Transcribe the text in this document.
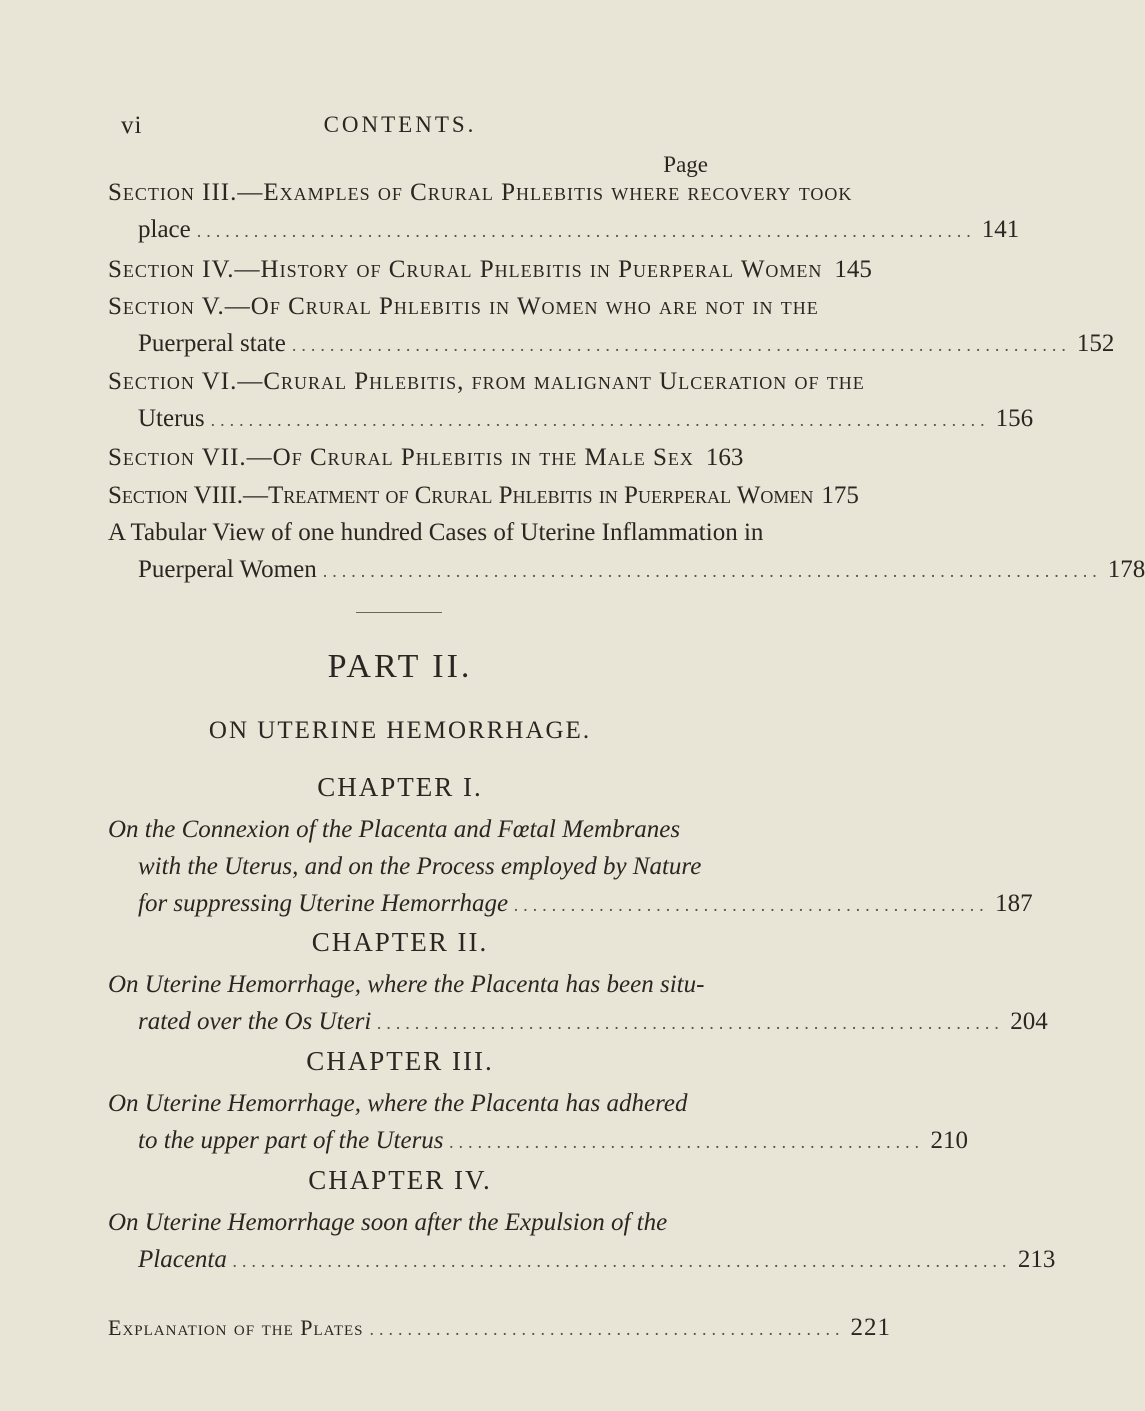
vi	CONTENTS.
Page
Section III.—Examples of Crural Phlebitis where recovery took
place .................................................................................. 141
Section IV.—History of Crural Phlebitis in Puerperal Women 145
Section V.—Of Crural Phlebitis in Women who are not in the
Puerperal state .................................................................................. 152
Section VI.—Crural Phlebitis, from malignant Ulceration of the
Uterus .................................................................................. 156
Section VII.—Of Crural Phlebitis in the Male Sex 163
Section VIII.—Treatment of Crural Phlebitis in Puerperal Women 175
A Tabular View of one hundred Cases of Uterine Inflammation in
Puerperal Women .................................................................................. 178
PART II.
ON UTERINE HEMORRHAGE.
CHAPTER I.
On the Connexion of the Placenta and Fœtal Membranes
with the Uterus, and on the Process employed by Nature
for suppressing Uterine Hemorrhage .................................................. 187
CHAPTER II.
On Uterine Hemorrhage, where the Placenta has been situ-
rated over the Os Uteri .................................................................. 204
CHAPTER III.
On Uterine Hemorrhage, where the Placenta has adhered
to the upper part of the Uterus .................................................. 210
CHAPTER IV.
On Uterine Hemorrhage soon after the Expulsion of the
Placenta .................................................................................. 213
Explanation of the Plates .................................................. 221
